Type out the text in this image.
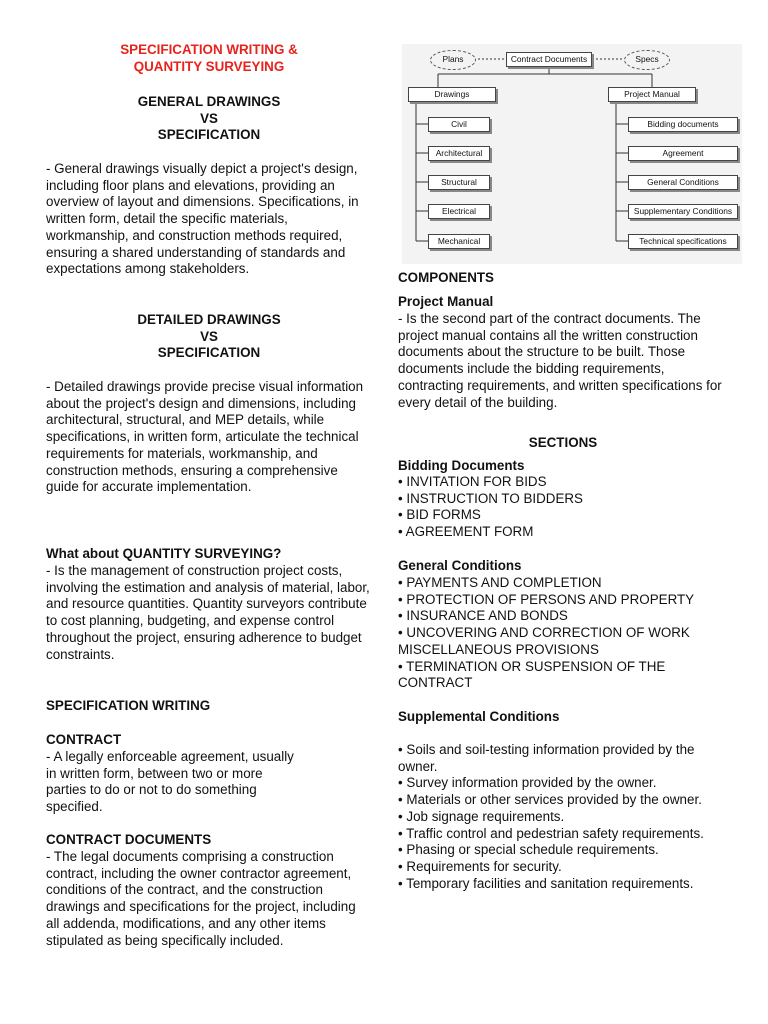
SPECIFICATION WRITING &

QUANTITY SURVEYING

GENERAL DRAWINGS

VS

SPECIFICATION

- General drawings visually depict a project's design, including floor plans and elevations, providing an overview of layout and dimensions. Specifications, in written form, detail the specific materials, workmanship, and construction methods required, ensuring a shared understanding of standards and expectations among stakeholders.

DETAILED DRAWINGS

VS

SPECIFICATION

- Detailed drawings provide precise visual information about the project's design and dimensions, including architectural, structural, and MEP details, while specifications, in written form, articulate the technical requirements for materials, workmanship, and construction methods, ensuring a comprehensive guide for accurate implementation.

What about QUANTITY SURVEYING?

- Is the management of construction project costs, involving the estimation and analysis of material, labor, and resource quantities. Quantity surveyors contribute to cost planning, budgeting, and expense control throughout the project, ensuring adherence to budget constraints.

SPECIFICATION WRITING

CONTRACT

- A legally enforceable agreement, usually

in written form, between two or more

parties to do or not to do something

specified.

CONTRACT DOCUMENTS

- The legal documents comprising a construction contract, including the owner contractor agreement, conditions of the contract, and the construction drawings and specifications for the project, including all addenda, modifications, and any other items stipulated as being specifically included.

Plans	Contract Documents	Specs
Drawings	Project Manual
Civil
Architectural
Structural
Electrical
Mechanical
Bidding documents
Agreement
General Conditions
Supplementary Conditions
Technical specifications

COMPONENTS

Project Manual

- Is the second part of the contract documents. The project manual contains all the written construction documents about the structure to be built. Those documents include the bidding requirements, contracting requirements, and written specifications for every detail of the building.

SECTIONS

Bidding Documents

• INVITATION FOR BIDS
• INSTRUCTION TO BIDDERS
• BID FORMS
• AGREEMENT FORM

General Conditions

• PAYMENTS AND COMPLETION
• PROTECTION OF PERSONS AND PROPERTY
• INSURANCE AND BONDS
• UNCOVERING AND CORRECTION OF WORK MISCELLANEOUS PROVISIONS
• TERMINATION OR SUSPENSION OF THE CONTRACT

Supplemental Conditions

• Soils and soil-testing information provided by the owner.
• Survey information provided by the owner.
• Materials or other services provided by the owner.
• Job signage requirements.
• Traffic control and pedestrian safety requirements.
• Phasing or special schedule requirements.
• Requirements for security.
• Temporary facilities and sanitation requirements.
